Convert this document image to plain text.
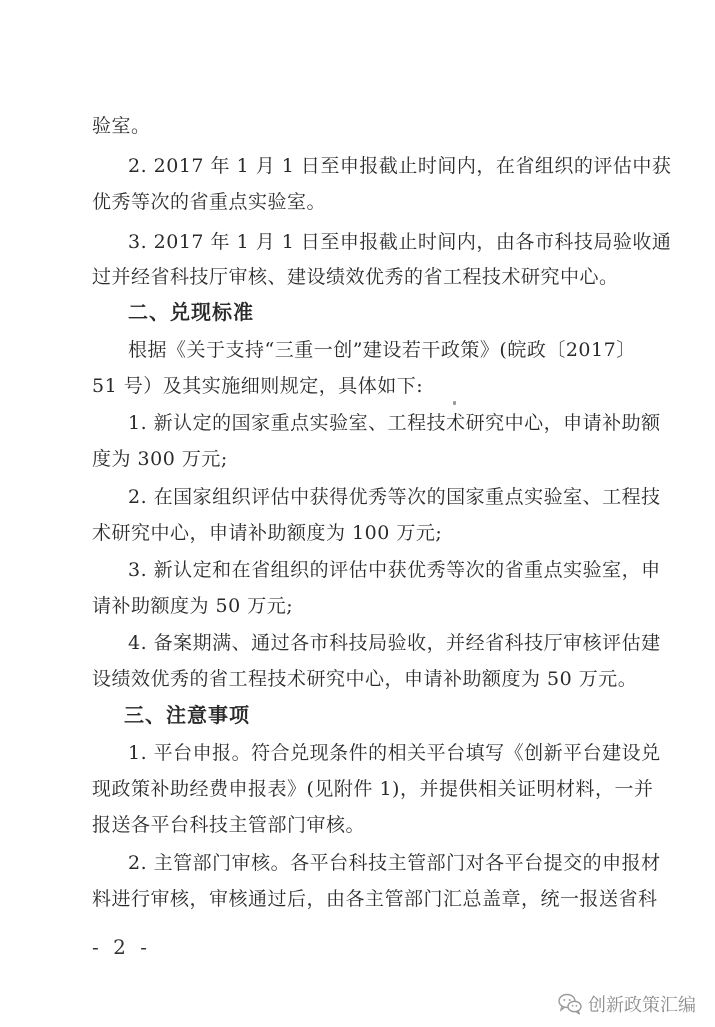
验室。
2. 2017 年 1 月 1 日至申报截止时间内，在省组织的评估中获
优秀等次的省重点实验室。
3. 2017 年 1 月 1 日至申报截止时间内，由各市科技局验收通
过并经省科技厅审核、建设绩效优秀的省工程技术研究中心。
二、兑现标准
根据《关于支持“三重一创”建设若干政策》(皖政〔2017〕
51 号）及其实施细则规定，具体如下:
1. 新认定的国家重点实验室、工程技术研究中心，申请补助额
度为 300 万元;
2. 在国家组织评估中获得优秀等次的国家重点实验室、工程技
术研究中心，申请补助额度为 100 万元;
3. 新认定和在省组织的评估中获优秀等次的省重点实验室，申
请补助额度为 50 万元;
4. 备案期满、通过各市科技局验收，并经省科技厅审核评估建
设绩效优秀的省工程技术研究中心，申请补助额度为 50 万元。
三、注意事项
1. 平台申报。符合兑现条件的相关平台填写《创新平台建设兑
现政策补助经费申报表》(见附件 1)，并提供相关证明材料，一并
报送各平台科技主管部门审核。
2. 主管部门审核。各平台科技主管部门对各平台提交的申报材
料进行审核，审核通过后，由各主管部门汇总盖章，统一报送省科
- 2 -
创新政策汇编
